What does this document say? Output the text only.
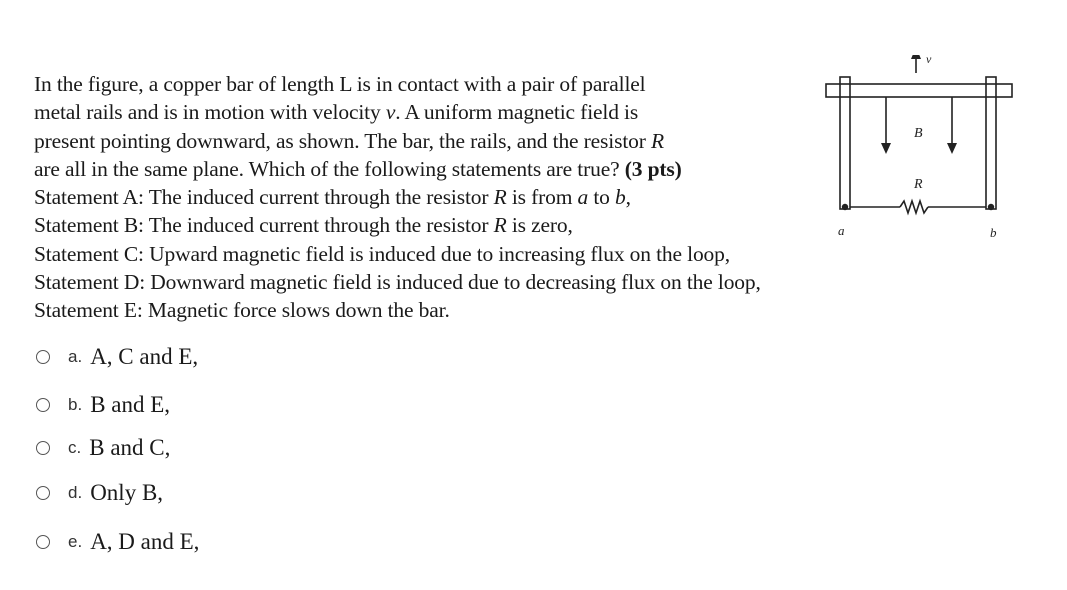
In the figure, a copper bar of length L is in contact with a pair of parallel
metal rails and is in motion with velocity v. A uniform magnetic field is
present pointing downward, as shown. The bar, the rails, and the resistor R
are all in the same plane. Which of the following statements are true? (3 pts)
Statement A: The induced current through the resistor R is from a to b,
Statement B: The induced current through the resistor R is zero,
Statement C: Upward magnetic field is induced due to increasing flux on the loop,
Statement D: Downward magnetic field is induced due to decreasing flux on the loop,
Statement E: Magnetic force slows down the bar.
v
B
R
a	b
a. A, C and E,
b. B and E,
c. B and C,
d. Only B,
e. A, D and E,
